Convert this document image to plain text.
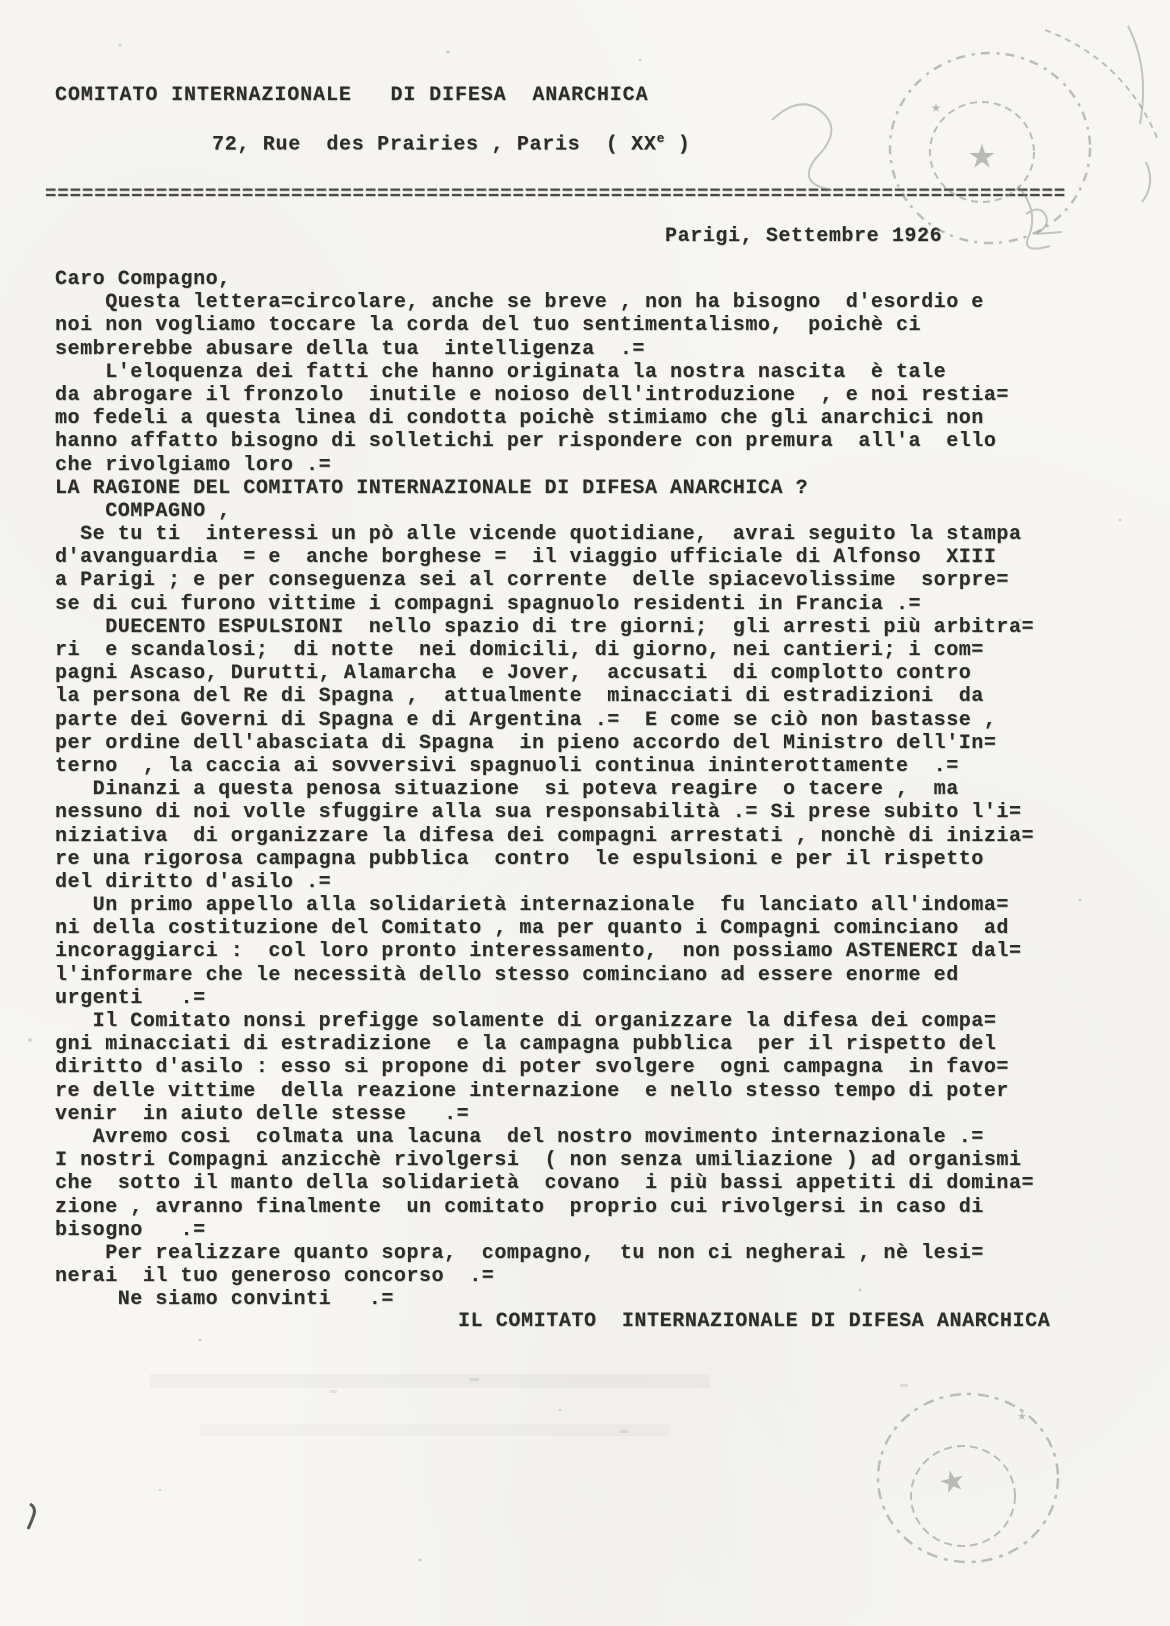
COMITATO INTERNAZIONALE   DI DIFESA  ANARCHICA
72, Rue  des Prairies , Paris  ( XXe )
===================================================================================
Parigi, Settembre 1926
Caro Compagno,
Questa lettera=circolare, anche se breve , non ha bisogno  d'esordio e
noi non vogliamo toccare la corda del tuo sentimentalismo,  poichè ci
sembrerebbe abusare della tua  intelligenza  .=
L'eloquenza dei fatti che hanno originata la nostra nascita  è tale
da abrogare il fronzolo  inutile e noioso dell'introduzione  , e noi restia=
mo fedeli a questa linea di condotta poichè stimiamo che gli anarchici non
hanno affatto bisogno di solletichi per rispondere con premura  all'a  ello
che rivolgiamo loro .=
LA RAGIONE DEL COMITATO INTERNAZIONALE DI DIFESA ANARCHICA ?
COMPAGNO ,
Se tu ti  interessi un pò alle vicende quotidiane,  avrai seguito la stampa
d'avanguardia  = e  anche borghese =  il viaggio ufficiale di Alfonso  XIII
a Parigi ; e per conseguenza sei al corrente  delle spiacevolissime  sorpre=
se di cui furono vittime i compagni spagnuolo residenti in Francia .=
DUECENTO ESPULSIONI  nello spazio di tre giorni;  gli arresti più arbitra=
ri  e scandalosi;  di notte  nei domicili, di giorno, nei cantieri; i com=
pagni Ascaso, Durutti, Alamarcha  e Jover,  accusati  di complotto contro
la persona del Re di Spagna ,  attualmente  minacciati di estradizioni  da
parte dei Governi di Spagna e di Argentina .=  E come se ciò non bastasse ,
per ordine dell'abasciata di Spagna  in pieno accordo del Ministro dell'In=
terno  , la caccia ai sovversivi spagnuoli continua ininterottamente  .=
Dinanzi a questa penosa situazione  si poteva reagire  o tacere ,  ma
nessuno di noi volle sfuggire alla sua responsabilità .= Si prese subito l'i=
niziativa  di organizzare la difesa dei compagni arrestati , nonchè di inizia=
re una rigorosa campagna pubblica  contro  le espulsioni e per il rispetto
del diritto d'asilo .=
Un primo appello alla solidarietà internazionale  fu lanciato all'indoma=
ni della costituzione del Comitato , ma per quanto i Compagni cominciano  ad
incoraggiarci :  col loro pronto interessamento,  non possiamo ASTENERCI dal=
l'informare che le necessità dello stesso cominciano ad essere enorme ed
urgenti   .=
Il Comitato nonsi prefigge solamente di organizzare la difesa dei compa=
gni minacciati di estradizione  e la campagna pubblica  per il rispetto del
diritto d'asilo : esso si propone di poter svolgere  ogni campagna  in favo=
re delle vittime  della reazione internazione  e nello stesso tempo di poter
venir  in aiuto delle stesse   .=
Avremo cosi  colmata una lacuna  del nostro movimento internazionale .=
I nostri Compagni anzicchè rivolgersi  ( non senza umiliazione ) ad organismi
che  sotto il manto della solidarietà  covano  i più bassi appetiti di domina=
zione , avranno finalmente  un comitato  proprio cui rivolgersi in caso di
bisogno   .=
Per realizzare quanto sopra,  compagno,  tu non ci negherai , nè lesi=
nerai  il tuo generoso concorso  .=
Ne siamo convinti   .=
IL COMITATO  INTERNAZIONALE DI DIFESA ANARCHICA
★
★
★
★
